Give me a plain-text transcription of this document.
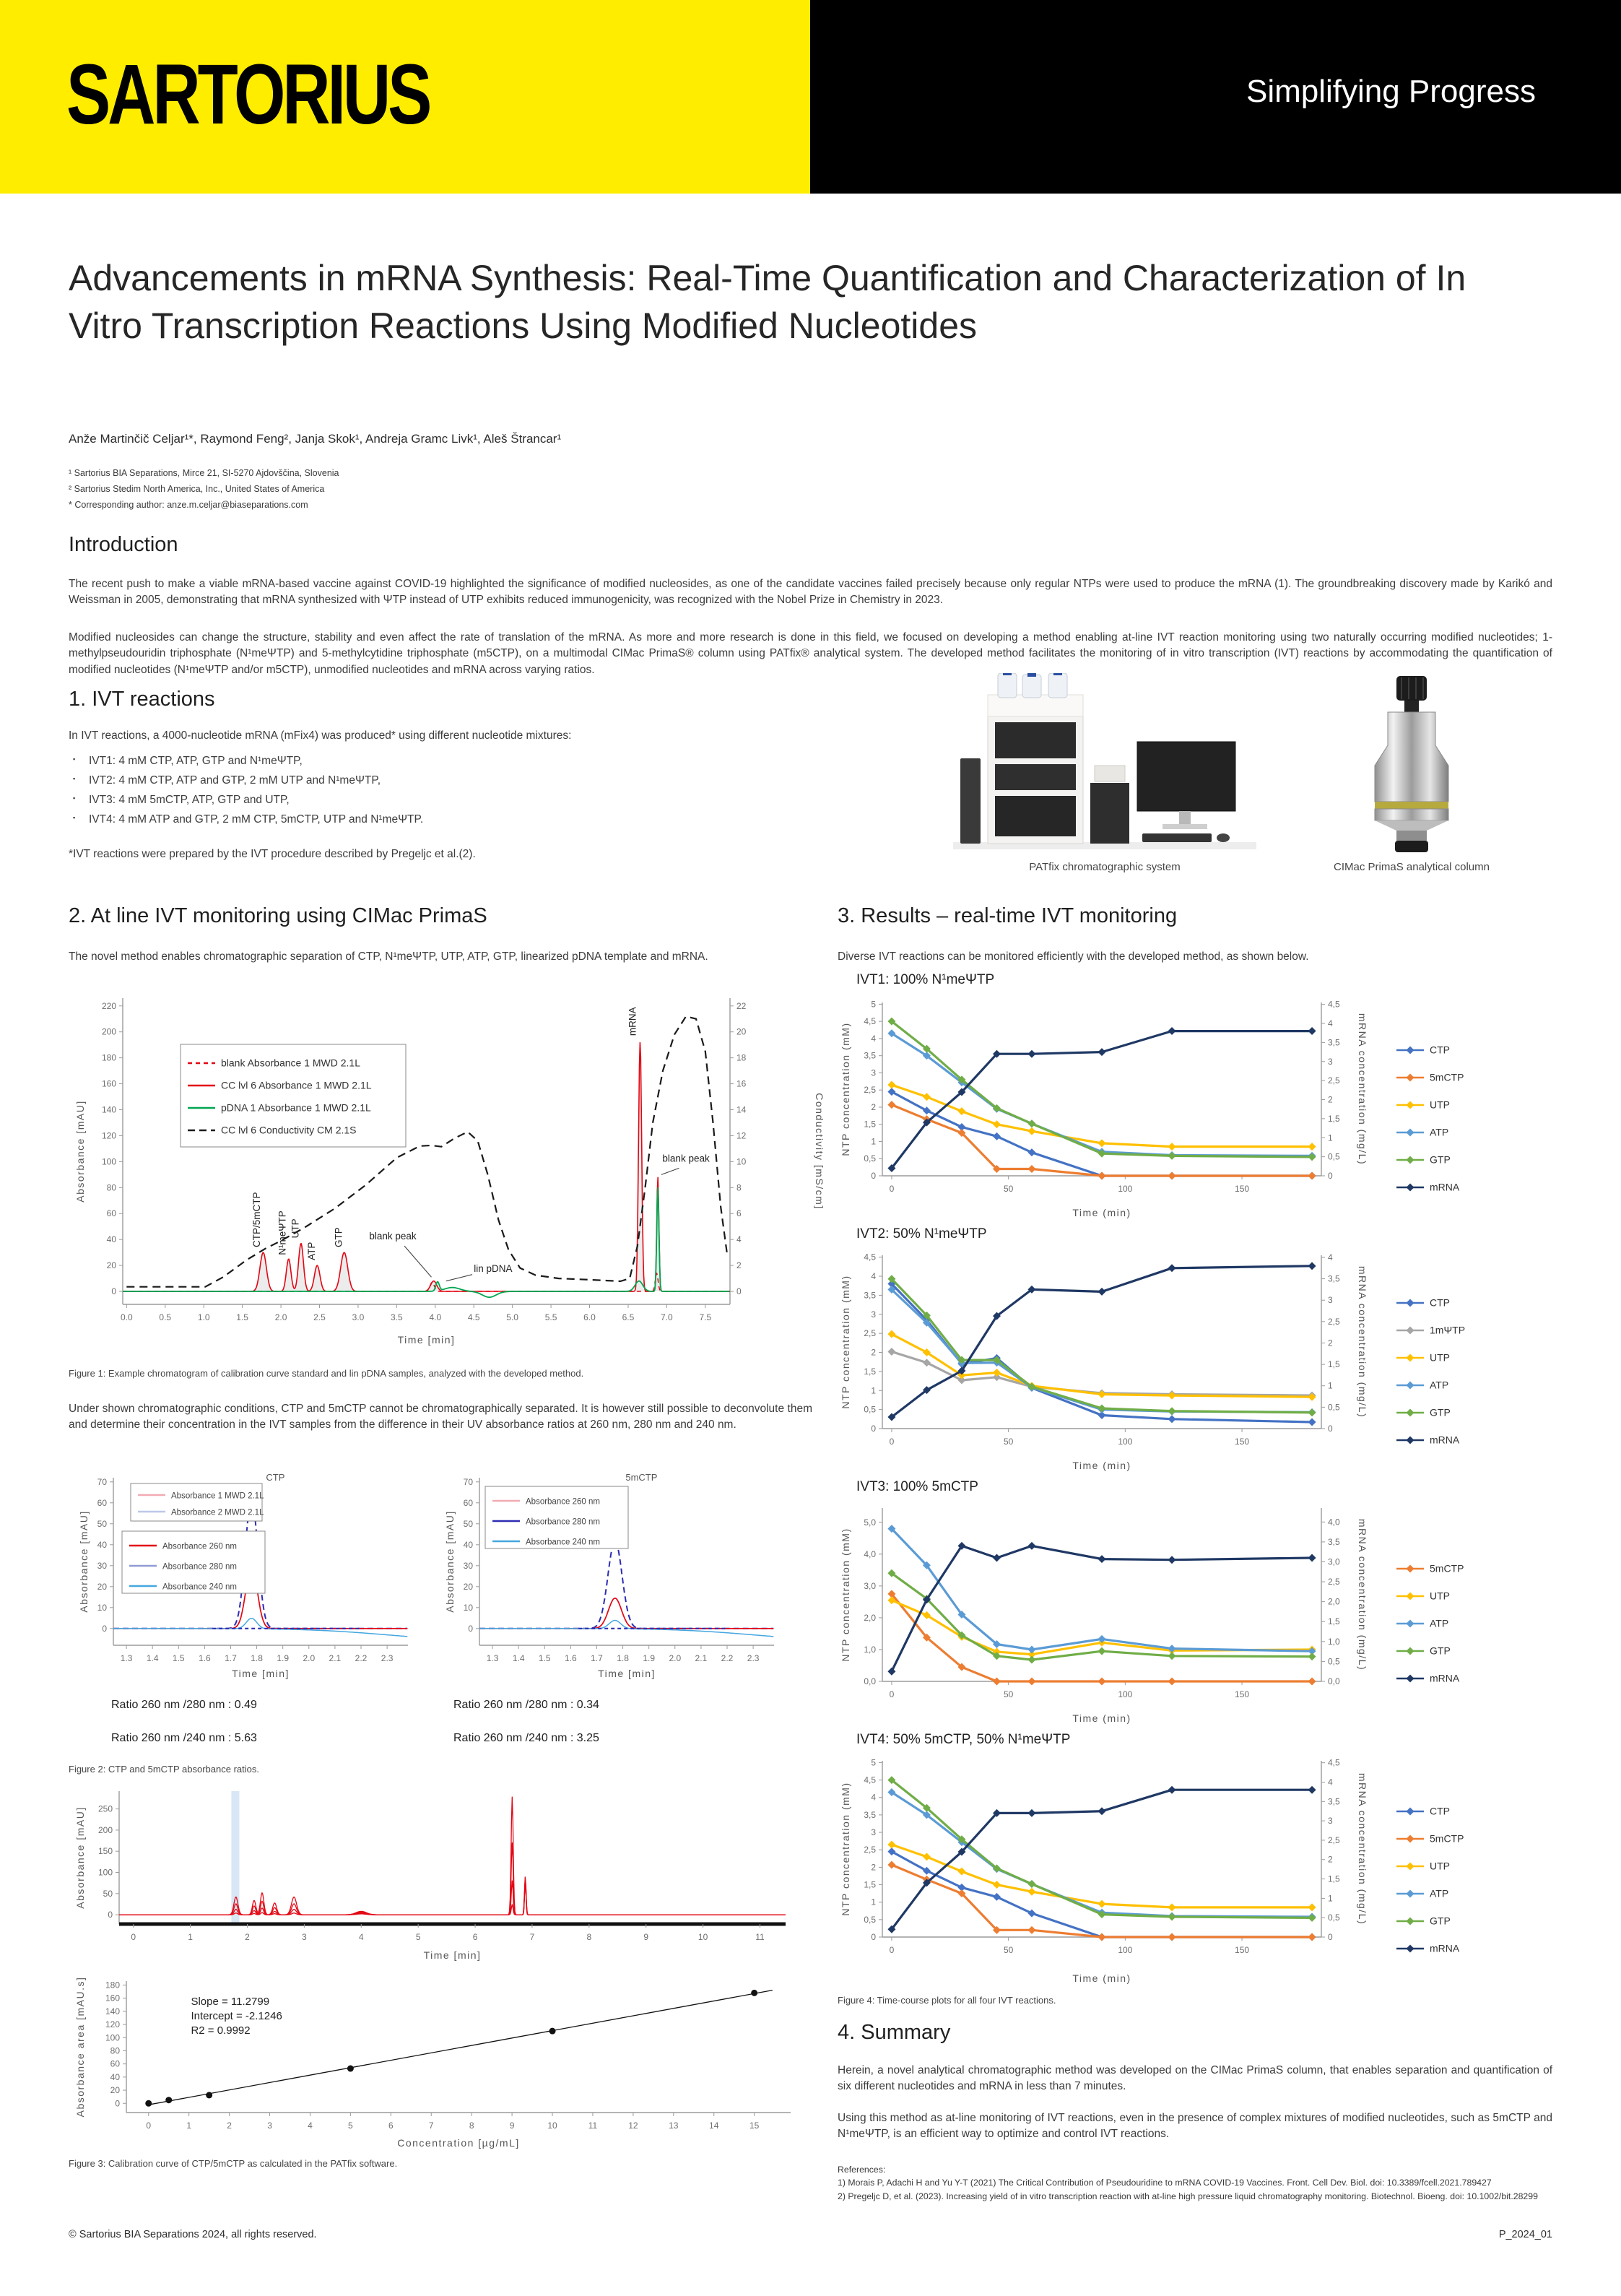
SARTORIUS	Simplifying Progress
Advancements in mRNA Synthesis: Real-Time Quantification and Characterization of In Vitro Transcription Reactions Using Modified Nucleotides
Anže Martinčič Celjar¹*, Raymond Feng², Janja Skok¹, Andreja Gramc Livk¹, Aleš Štrancar¹
¹ Sartorius BIA Separations, Mirce 21, SI-5270 Ajdovščina, Slovenia
² Sartorius Stedim North America, Inc., United States of America
* Corresponding author: anze.m.celjar@biaseparations.com
Introduction
The recent push to make a viable mRNA-based vaccine against COVID-19 highlighted the significance of modified nucleosides, as one of the candidate vaccines failed precisely because only regular NTPs were used to produce the mRNA (1). The groundbreaking discovery made by Karikó and Weissman in 2005, demonstrating that mRNA synthesized with ΨTP instead of UTP exhibits reduced immunogenicity, was recognized with the Nobel Prize in Chemistry in 2023.
Modified nucleosides can change the structure, stability and even affect the rate of translation of the mRNA. As more and more research is done in this field, we focused on developing a method enabling at-line IVT reaction monitoring using two naturally occurring modified nucleotides; 1-methylpseudouridin triphosphate (N¹meΨTP) and 5-methylcytidine triphosphate (m5CTP), on a multimodal CIMac PrimaS® column using PATfix® analytical system. The developed method facilitates the monitoring of in vitro transcription (IVT) reactions by accommodating the quantification of modified nucleotides (N¹meΨTP and/or m5CTP), unmodified nucleotides and mRNA across varying ratios.
1. IVT reactions
In IVT reactions, a 4000-nucleotide mRNA (mFix4) was produced* using different nucleotide mixtures:
▪ IVT1: 4 mM CTP, ATP, GTP and N¹meΨTP,
▪ IVT2: 4 mM CTP, ATP and GTP, 2 mM UTP and N¹meΨTP,
▪ IVT3: 4 mM 5mCTP, ATP, GTP and UTP,
▪ IVT4: 4 mM ATP and GTP, 2 mM CTP, 5mCTP, UTP and N¹meΨTP.
*IVT reactions were prepared by the IVT procedure described by Pregeljc et al.(2).
PATfix chromatographic system	CIMac PrimaS analytical column
2. At line IVT monitoring using CIMac PrimaS
The novel method enables chromatographic separation of CTP, N¹meΨTP, UTP, ATP, GTP, linearized pDNA template and mRNA.
0.0	0.5	1.0	1.5	2.0	2.5	3.0	3.5	4.0	4.5	5.0	5.5	6.0	6.5	7.0	7.5
0
20
40
60
80
100
120
140
160
180
200
220
0
2
4
6
8
10
12
14
16
18
20
22
Time [min]
Absorbance [mAU]	Conductivity [mS/cm]
blank Absorbance 1 MWD 2.1L
CC lvl 6 Absorbance 1 MWD 2.1L
pDNA 1 Absorbance 1 MWD 2.1L
CC lvl 6 Conductivity CM 2.1S
CTP/5mCTP N¹meΨTP UTP
ATP
GTP
mRNA
blank peak
lin pDNA
blank peak
Figure 1: Example chromatogram of calibration curve standard and lin pDNA samples, analyzed with the developed method.
Under shown chromatographic conditions, CTP and 5mCTP cannot be chromatographically separated. It is however still possible to deconvolute them and determine their concentration in the IVT samples from the difference in their UV absorbance ratios at 260 nm, 280 nm and 240 nm.
1.3 1.4 1.5 1.6 1.7 1.8 1.9 2.0 2.1 2.2 2.3
0
10
20
30
40
50
60
70
Time [min]
Absorbance [mAU]
CTP
Absorbance 1 MWD 2.1L
Absorbance 2 MWD 2.1L
Absorbance 260 nm
Absorbance 280 nm
Absorbance 240 nm
1.3 1.4 1.5 1.6 1.7 1.8 1.9 2.0 2.1 2.2 2.3
0
10
20
30
40
50
60
70
Time [min]
Absorbance [mAU]
5mCTP
Absorbance 260 nm
Absorbance 280 nm
Absorbance 240 nm
Ratio 260 nm /280 nm : 0.49
Ratio 260 nm /240 nm : 5.63
Ratio 260 nm /280 nm : 0.34
Ratio 260 nm /240 nm : 3.25
Figure 2: CTP and 5mCTP absorbance ratios.
0	1	2	3	4	5	6	7	8	9	10	11
0
50
100
150
200
250
Time [min]
Absorbance [mAU]
0	1	2	3	4	5	6	7	8	9	10	11	12	13	14	15
0
20
40
60
80
100
120
140
160
180
Concentration [µg/mL]
Absorbance area [mAU.s]	Slope = 11.2799
Intercept = -2.1246
R2 = 0.9992
Figure 3: Calibration curve of CTP/5mCTP as calculated in the PATfix software.
3. Results – real-time IVT monitoring
Diverse IVT reactions can be monitored efficiently with the developed method, as shown below.
IVT1: 100% N¹meΨTP
0	50	100	150
0
0,5
1
1,5
2
2,5
3
3,5
4
4,5
5
0
0,5
1
1,5
2
2,5
3
3,5
4
4,5
Time (min)
NTP concentration (mM)	mRNA concentration (mg/L)	CTP
5mCTP
UTP
ATP
GTP
mRNA
IVT2: 50% N¹meΨTP
0	50	100	150
0
0,5
1
1,5
2
2,5
3
3,5
4
4,5
0
0,5
1
1,5
2
2,5
3
3,5
4
Time (min)
NTP concentration (mM)	mRNA concentration (mg/L)	CTP
1mΨTP
UTP
ATP
GTP
mRNA
IVT3: 100% 5mCTP
0	50	100	150
0,0
1,0
2,0
3,0
4,0
5,0
0,0
0,5
1,0
1,5
2,0
2,5
3,0
3,5
4,0
Time (min)
NTP concentration (mM)	mRNA concentration (mg/L)	5mCTP
UTP
ATP
GTP
mRNA
IVT4: 50% 5mCTP, 50% N¹meΨTP
0	50	100	150
0
0,5
1
1,5
2
2,5
3
3,5
4
4,5
5
0
0,5
1
1,5
2
2,5
3
3,5
4
4,5
Time (min)
NTP concentration (mM)	mRNA concentration (mg/L)	CTP
5mCTP
UTP
ATP
GTP
mRNA
Figure 4: Time-course plots for all four IVT reactions.
4. Summary
Herein, a novel analytical chromatographic method was developed on the CIMac PrimaS column, that enables separation and quantification of six different nucleotides and mRNA in less than 7 minutes.
Using this method as at-line monitoring of IVT reactions, even in the presence of complex mixtures of modified nucleotides, such as 5mCTP and N¹meΨTP, is an efficient way to optimize and control IVT reactions.
References:
1) Morais P, Adachi H and Yu Y-T (2021) The Critical Contribution of Pseudouridine to mRNA COVID-19 Vaccines. Front. Cell Dev. Biol. doi: 10.3389/fcell.2021.789427
2) Pregeljc D, et al. (2023). Increasing yield of in vitro transcription reaction with at-line high pressure liquid chromatography monitoring. Biotechnol. Bioeng. doi: 10.1002/bit.28299
© Sartorius BIA Separations 2024, all rights reserved.	P_2024_01
